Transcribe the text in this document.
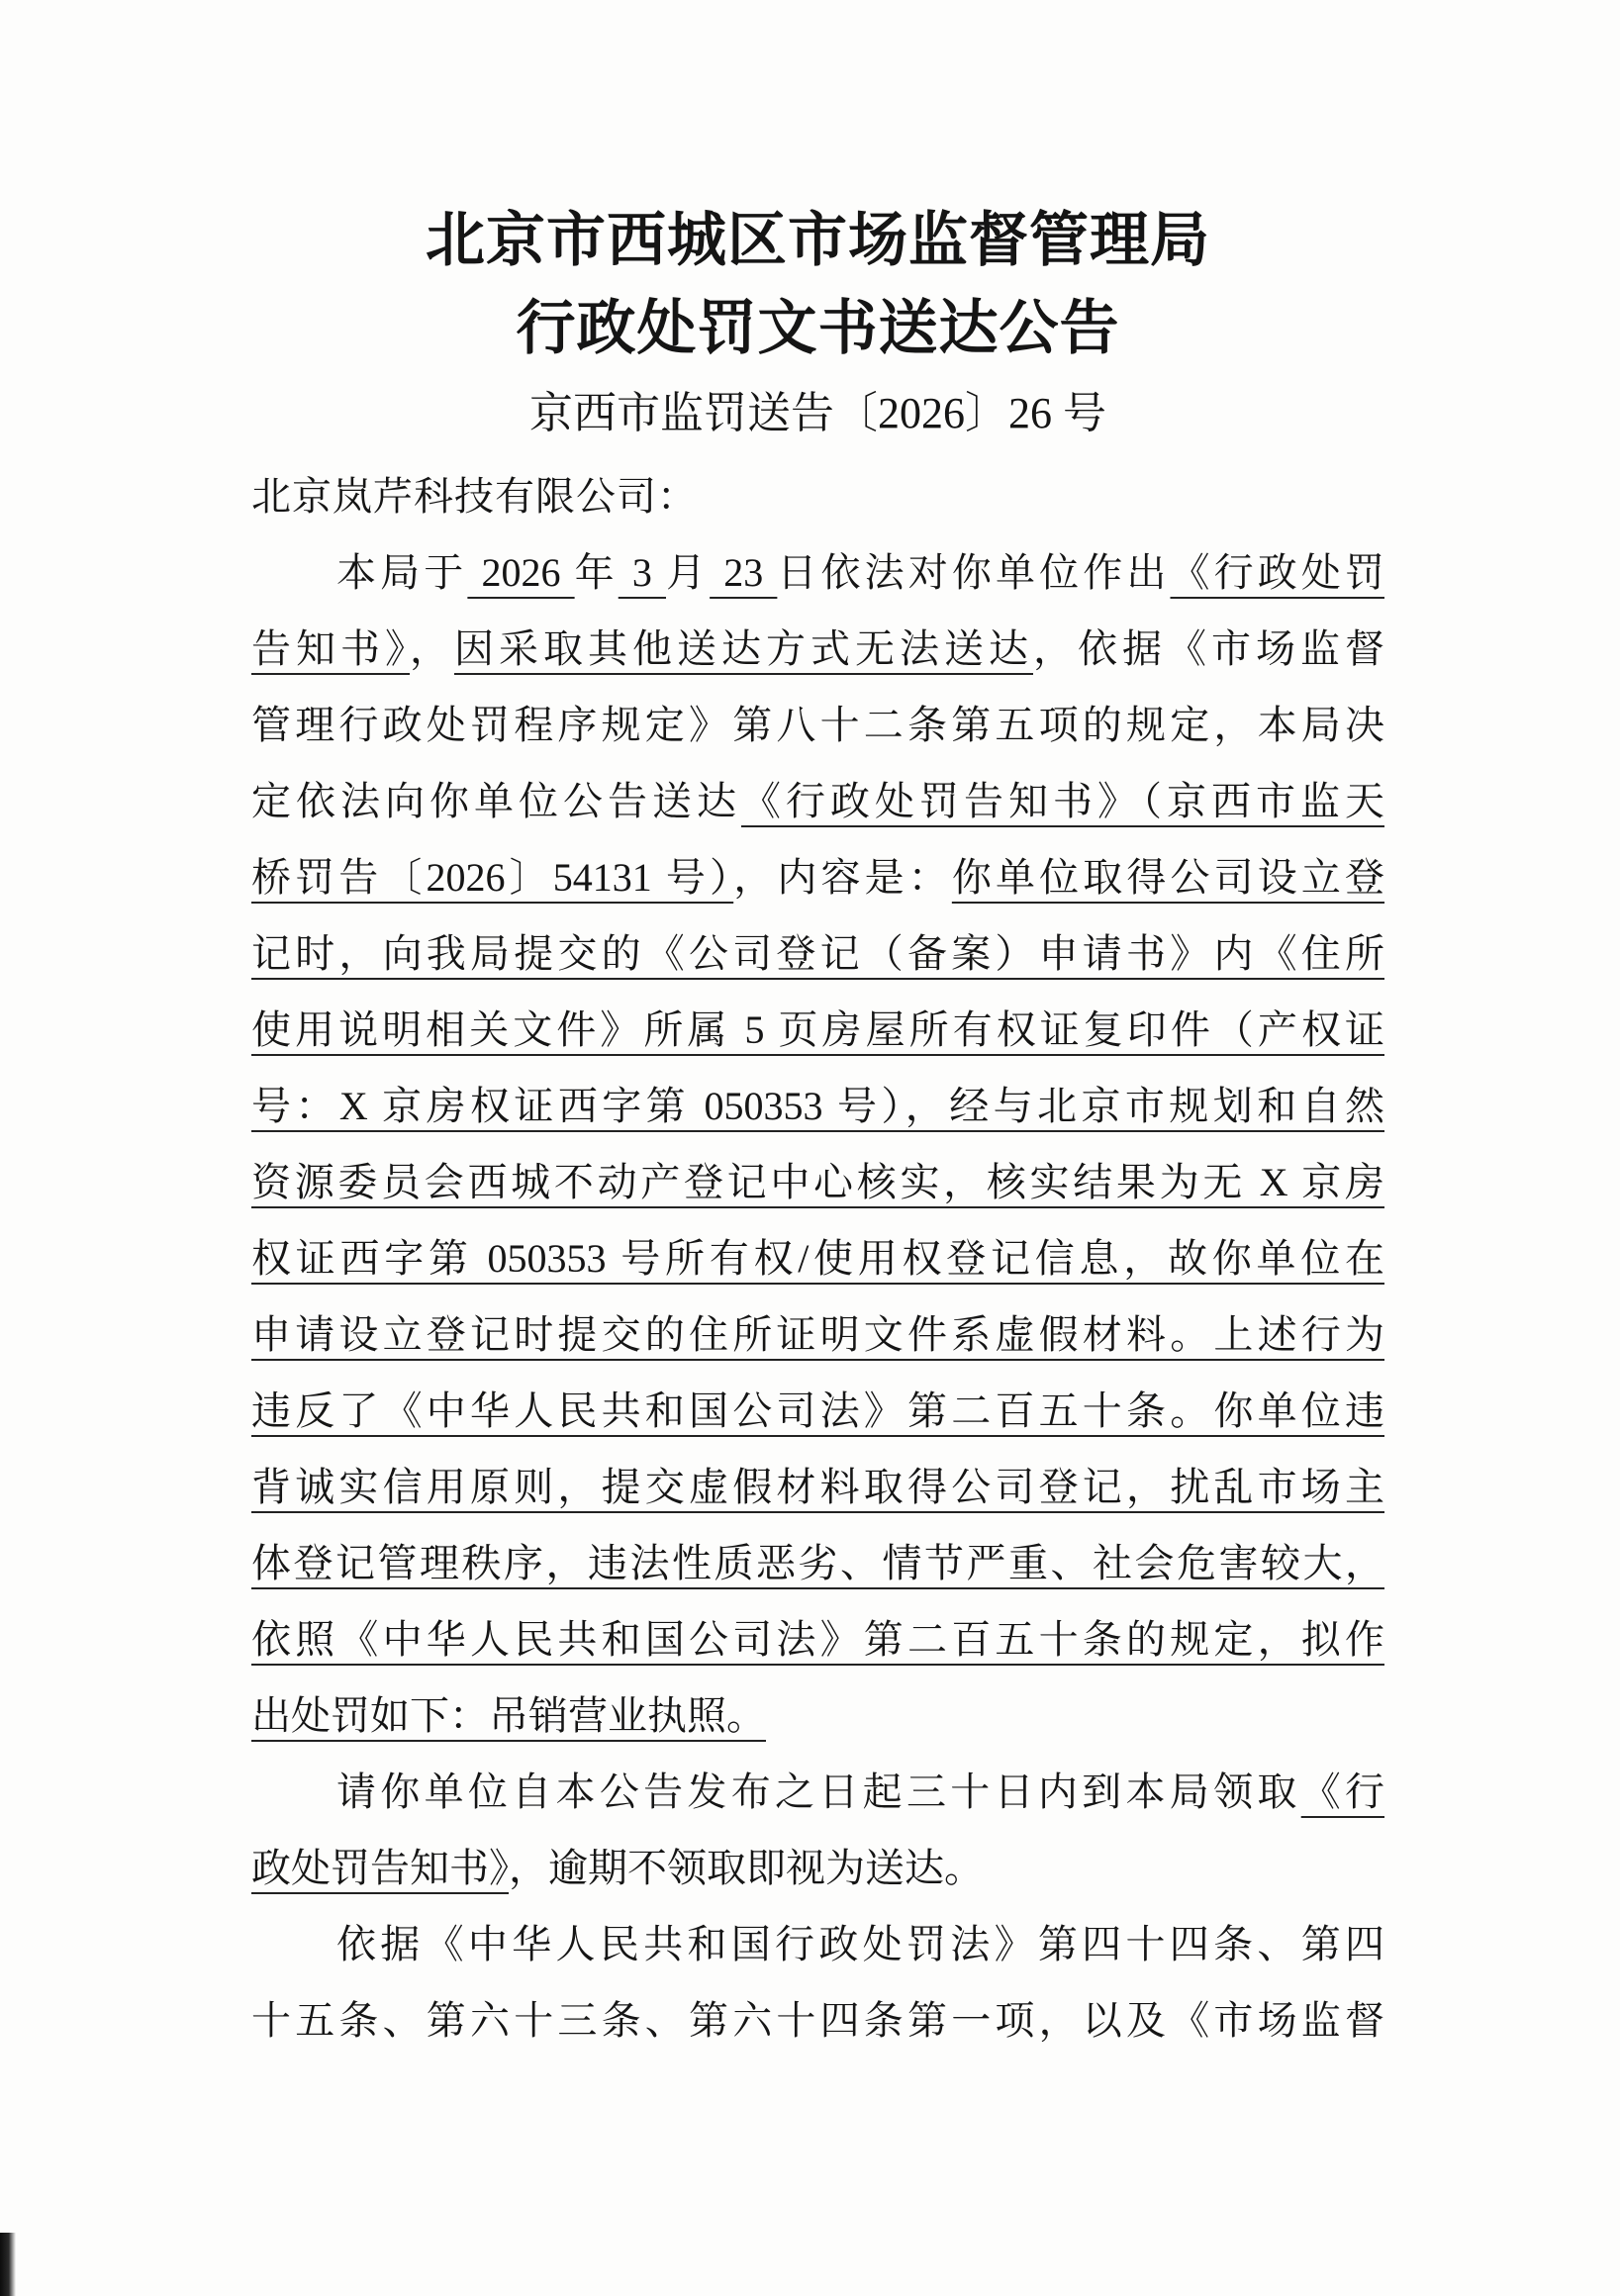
北京市西城区市场监督管理局
行政处罚文书送达公告
京西市监罚送告〔2026〕26 号
北京岚芹科技有限公司：
本局于 2026 年 3 月 23 日依法对你单位作出《行政处罚
告知书》，因采取其他送达方式无法送达，依据《市场监督
管理行政处罚程序规定》第八十二条第五项的规定，本局决
定依法向你单位公告送达《行政处罚告知书》（京西市监天
桥罚告〔2026〕54131 号），内容是：你单位取得公司设立登
记时，向我局提交的《公司登记（备案）申请书》内《住所
使用说明相关文件》所属 5 页房屋所有权证复印件（产权证
号：X 京房权证西字第 050353 号），经与北京市规划和自然
资源委员会西城不动产登记中心核实，核实结果为无 X 京房
权证西字第 050353 号所有权/使用权登记信息，故你单位在
申请设立登记时提交的住所证明文件系虚假材料。上述行为
违反了《中华人民共和国公司法》第二百五十条。你单位违
背诚实信用原则，提交虚假材料取得公司登记，扰乱市场主
体登记管理秩序，违法性质恶劣、情节严重、社会危害较大，
依照《中华人民共和国公司法》第二百五十条的规定，拟作
出处罚如下：吊销营业执照。
请你单位自本公告发布之日起三十日内到本局领取《行
政处罚告知书》，逾期不领取即视为送达。
依据《中华人民共和国行政处罚法》第四十四条、第四
十五条、第六十三条、第六十四条第一项，以及《市场监督
